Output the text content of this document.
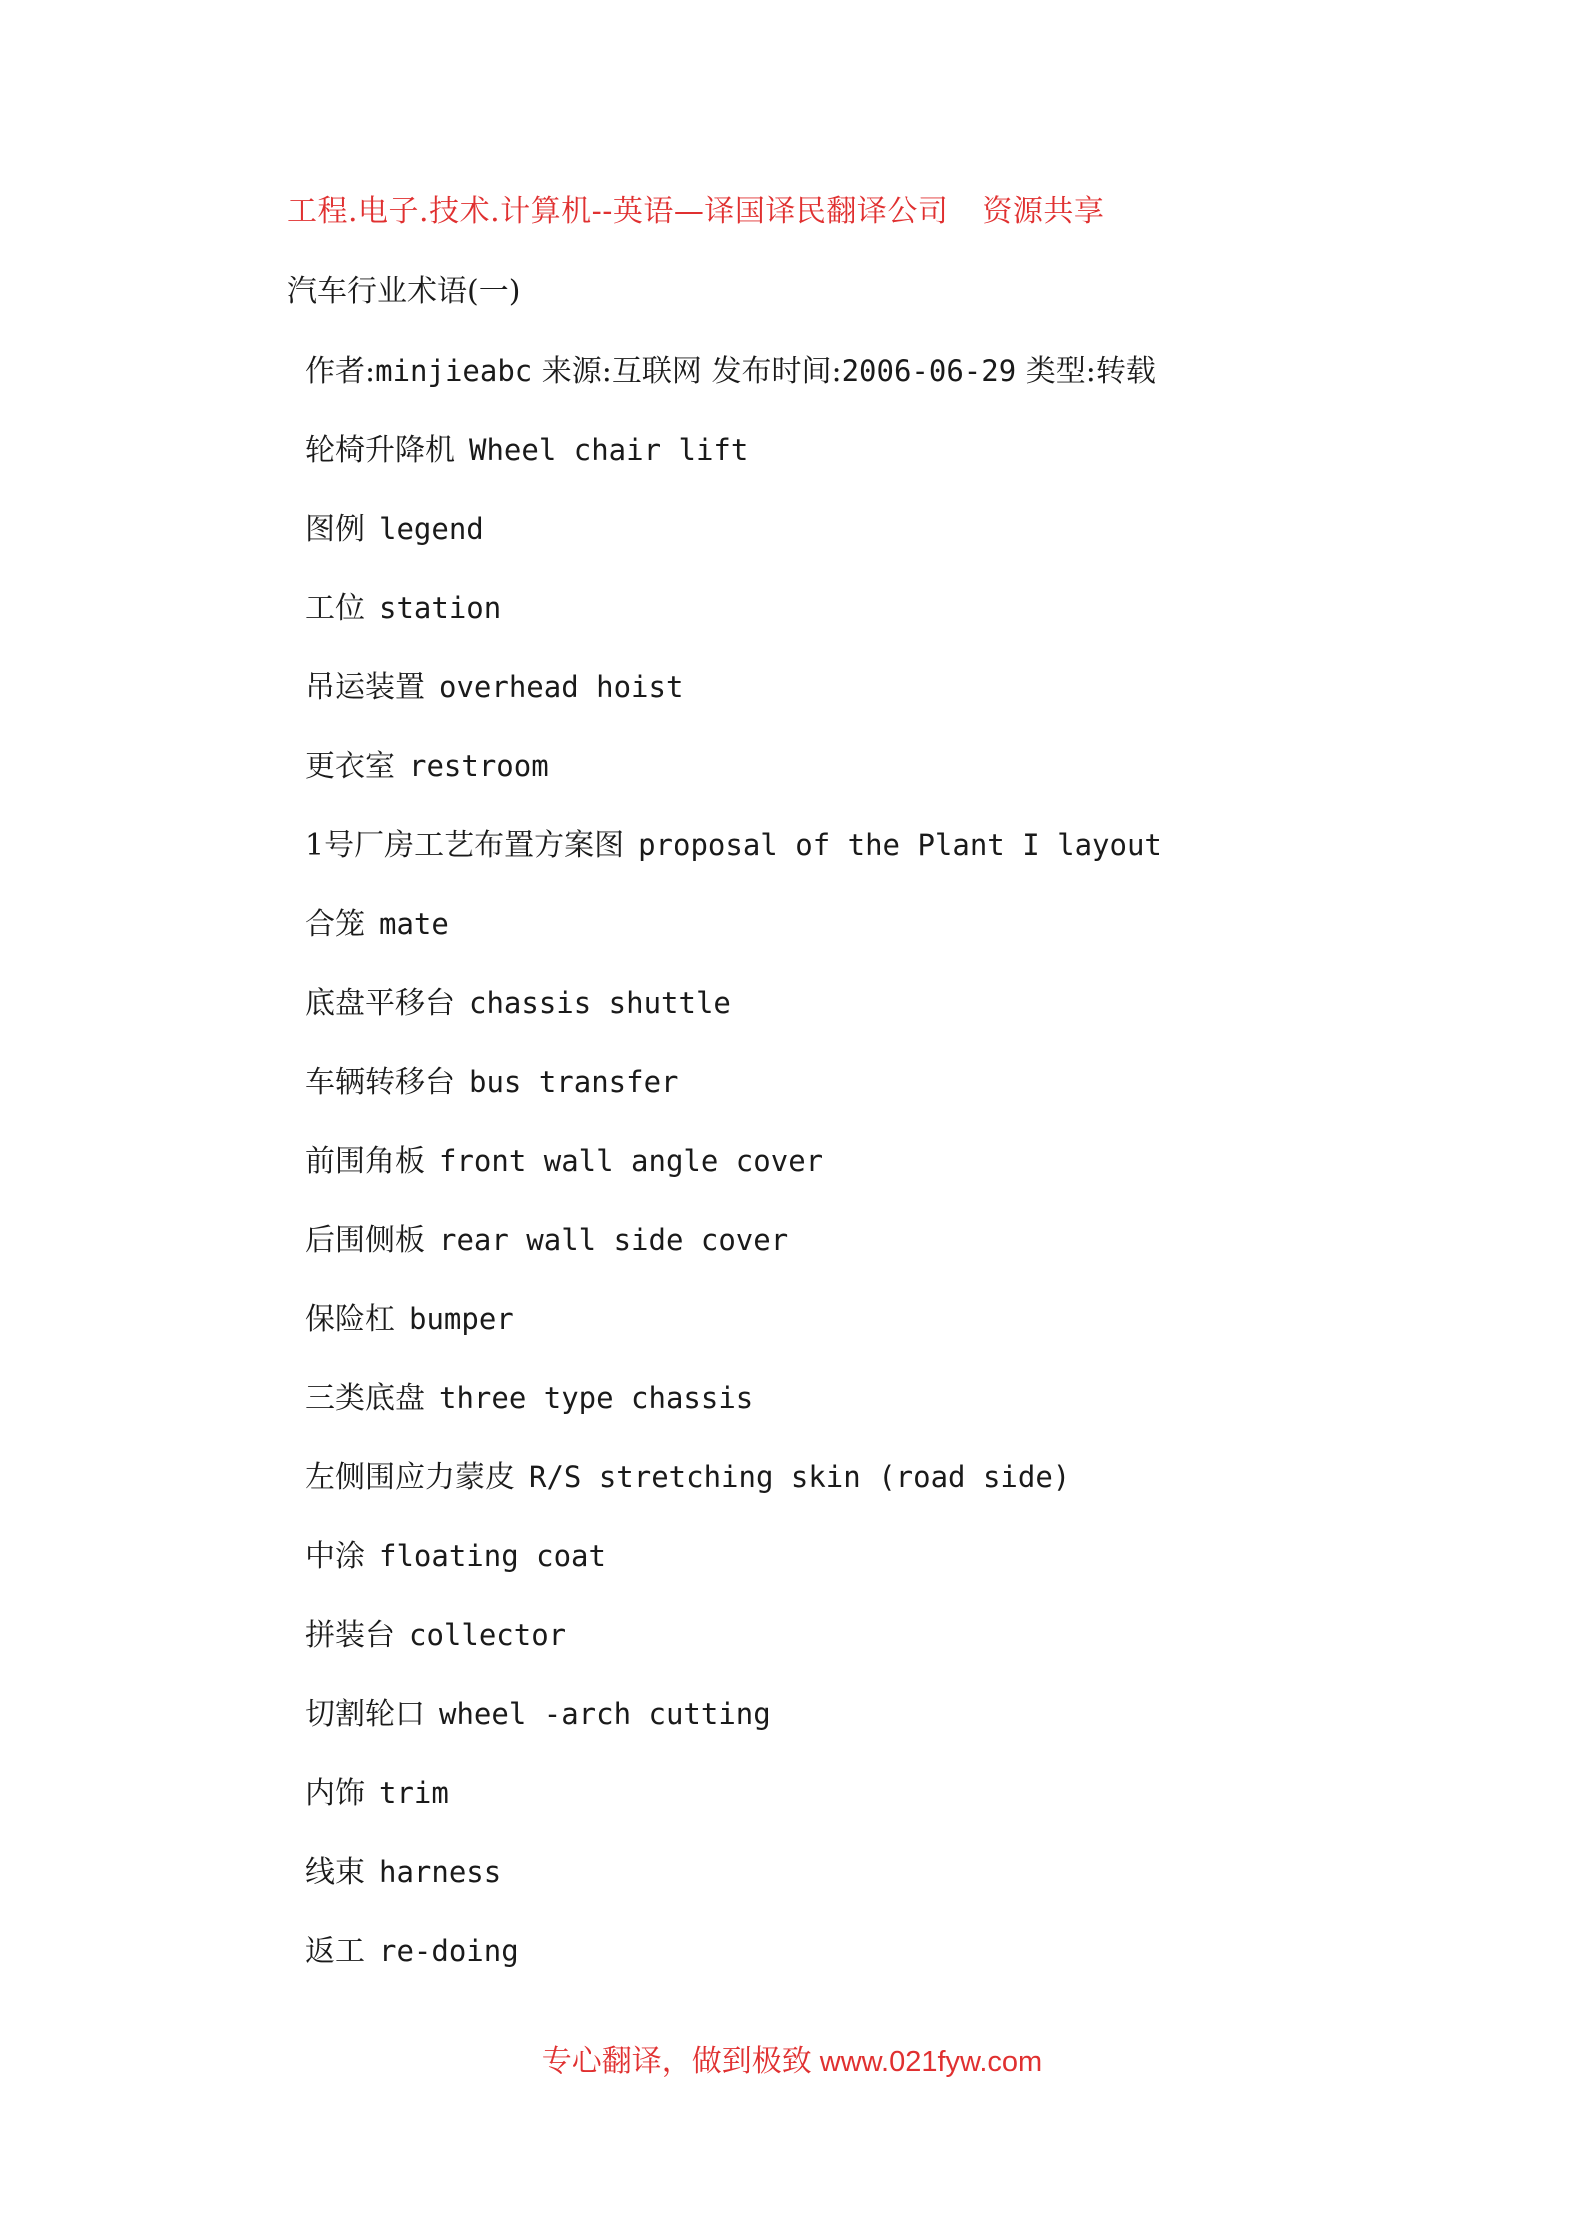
工程.电子.技术.计算机--英语—译国译民翻译公司 资源共享
汽车行业术语(一)
作者:minjieabc 来源:互联网 发布时间:2006-06-29 类型:转载
轮椅升降机 Wheel chair lift
图例 legend
工位 station
吊运装置 overhead hoist
更衣室 restroom
1号厂房工艺布置方案图 proposal of the Plant I layout
合笼 mate
底盘平移台 chassis shuttle
车辆转移台 bus transfer
前围角板 front wall angle cover
后围侧板 rear wall side cover
保险杠 bumper
三类底盘 three type chassis
左侧围应力蒙皮 R/S stretching skin (road side)
中涂 floating coat
拼装台 collector
切割轮口 wheel -arch cutting
内饰 trim
线束 harness
返工 re-doing
专心翻译，做到极致 www.021fyw.com
